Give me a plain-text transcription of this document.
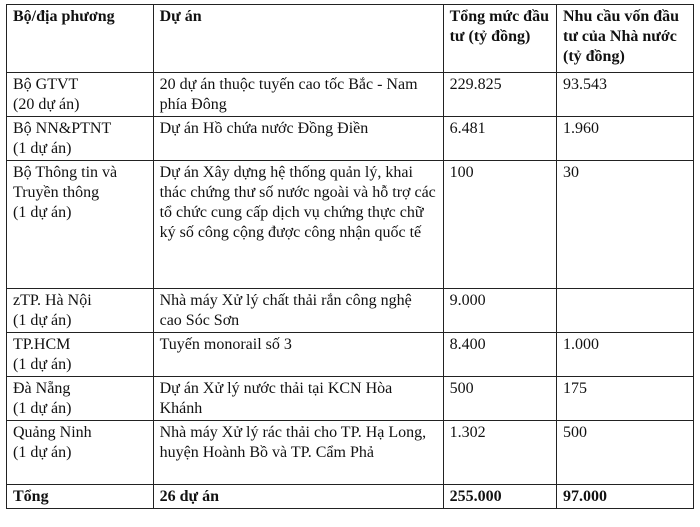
Bộ/địa phương	Dự án	Tổng mức đầu tư (tỷ đồng)	Nhu cầu vốn đầu tư của Nhà nước (tỷ đồng)

Bộ GTVT
(20 dự án)	20 dự án thuộc tuyến cao tốc Bắc - Nam phía Đông	229.825	93.543

Bộ NN&PTNT
(1 dự án)	Dự án Hồ chứa nước Đồng Điền	6.481	1.960

Bộ Thông tin và Truyền thông
(1 dự án)	Dự án Xây dựng hệ thống quản lý, khai thác chứng thư số nước ngoài và hỗ trợ các tổ chức cung cấp dịch vụ chứng thực chữ ký số công cộng được công nhận quốc tế	100	30

zTP. Hà Nội
(1 dự án)	Nhà máy Xử lý chất thải rắn công nghệ cao Sóc Sơn	9.000	

TP.HCM
(1 dự án)	Tuyến monorail số 3	8.400	1.000

Đà Nẵng
(1 dự án)	Dự án Xử lý nước thải tại KCN Hòa Khánh	500	175

Quảng Ninh
(1 dự án)	Nhà máy Xử lý rác thải cho TP. Hạ Long, huyện Hoành Bồ và TP. Cẩm Phả	1.302	500
Tổng	26 dự án	255.000	97.000
